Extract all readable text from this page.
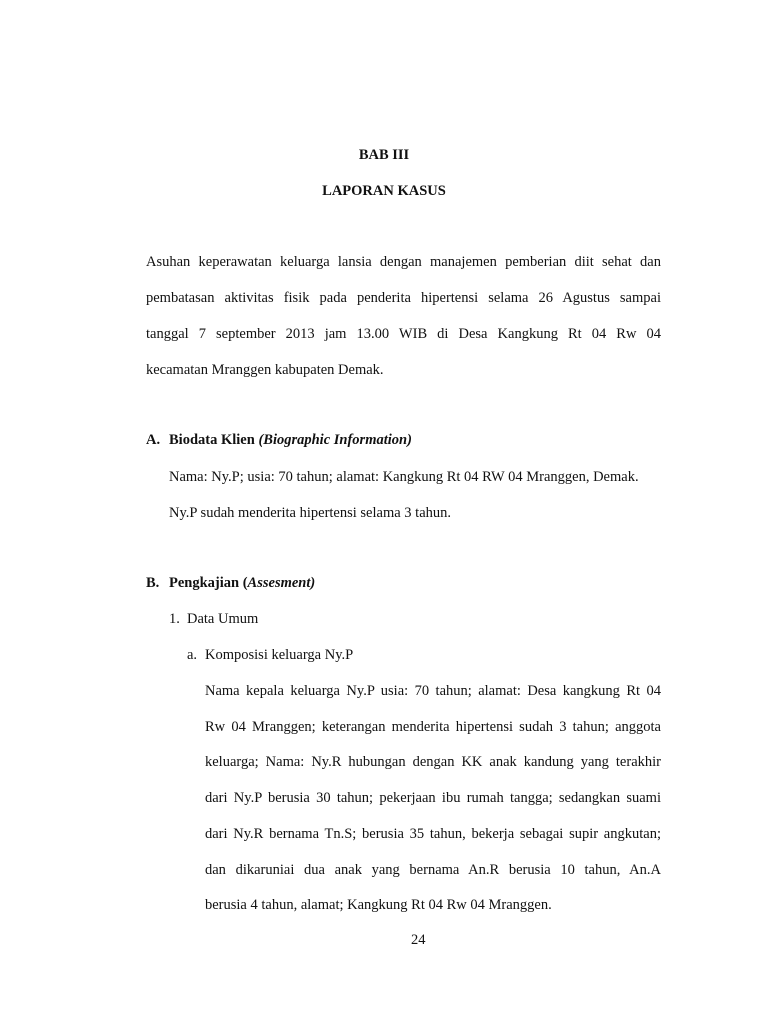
BAB III
LAPORAN KASUS
Asuhan keperawatan keluarga lansia dengan manajemen pemberian diit sehat dan
pembatasan aktivitas fisik pada penderita hipertensi selama 26 Agustus sampai
tanggal 7 september 2013 jam 13.00 WIB di Desa Kangkung Rt 04 Rw 04
kecamatan Mranggen kabupaten Demak.
A. Biodata Klien (Biographic Information)
Nama: Ny.P; usia: 70 tahun; alamat: Kangkung Rt 04 RW 04 Mranggen, Demak.
Ny.P sudah menderita hipertensi selama 3 tahun.
B. Pengkajian (Assesment)
1. Data Umum
a. Komposisi keluarga Ny.P
Nama kepala keluarga Ny.P usia: 70 tahun; alamat: Desa kangkung Rt 04
Rw 04 Mranggen; keterangan menderita hipertensi sudah 3 tahun; anggota
keluarga; Nama: Ny.R hubungan dengan KK anak kandung yang terakhir
dari Ny.P berusia 30 tahun; pekerjaan ibu rumah tangga; sedangkan suami
dari Ny.R bernama Tn.S; berusia 35 tahun, bekerja sebagai supir angkutan;
dan dikaruniai dua anak yang bernama An.R berusia 10 tahun, An.A
berusia 4 tahun, alamat; Kangkung Rt 04 Rw 04 Mranggen.
24
